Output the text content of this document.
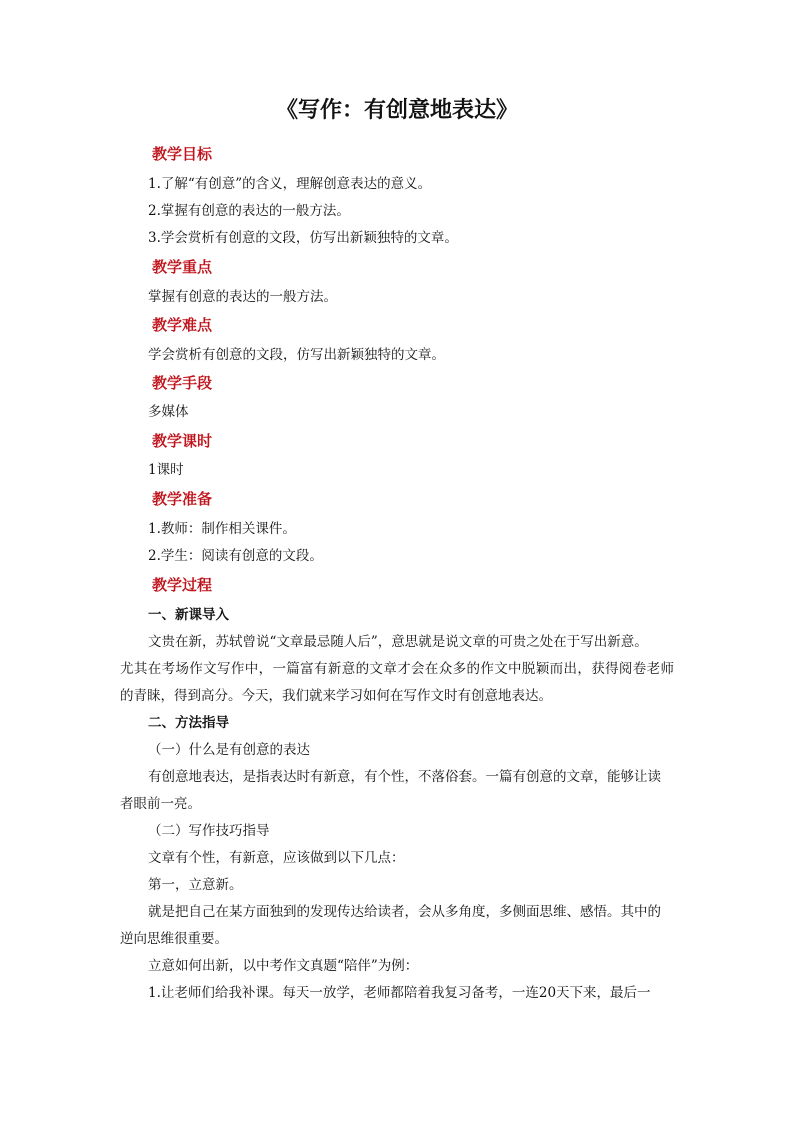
《写作：有创意地表达》
教学目标
1.了解“有创意”的含义，理解创意表达的意义。
2.掌握有创意的表达的一般方法。
3.学会赏析有创意的文段，仿写出新颖独特的文章。
教学重点
掌握有创意的表达的一般方法。
教学难点
学会赏析有创意的文段，仿写出新颖独特的文章。
教学手段
多媒体
教学课时
1课时
教学准备
1.教师：制作相关课件。
2.学生：阅读有创意的文段。
教学过程
一、新课导入
文贵在新，苏轼曾说“文章最忌随人后”，意思就是说文章的可贵之处在于写出新意。
尤其在考场作文写作中，一篇富有新意的文章才会在众多的作文中脱颖而出，获得阅卷老师
的青睐，得到高分。今天，我们就来学习如何在写作文时有创意地表达。
二、方法指导
（一）什么是有创意的表达
有创意地表达，是指表达时有新意，有个性，不落俗套。一篇有创意的文章，能够让读
者眼前一亮。
（二）写作技巧指导
文章有个性，有新意，应该做到以下几点：
第一，立意新。
就是把自己在某方面独到的发现传达给读者，会从多角度，多侧面思维、感悟。其中的
逆向思维很重要。
立意如何出新，以中考作文真题“陪伴”为例：
1.让老师们给我补课。每天一放学，老师都陪着我复习备考，一连20天下来，最后一
